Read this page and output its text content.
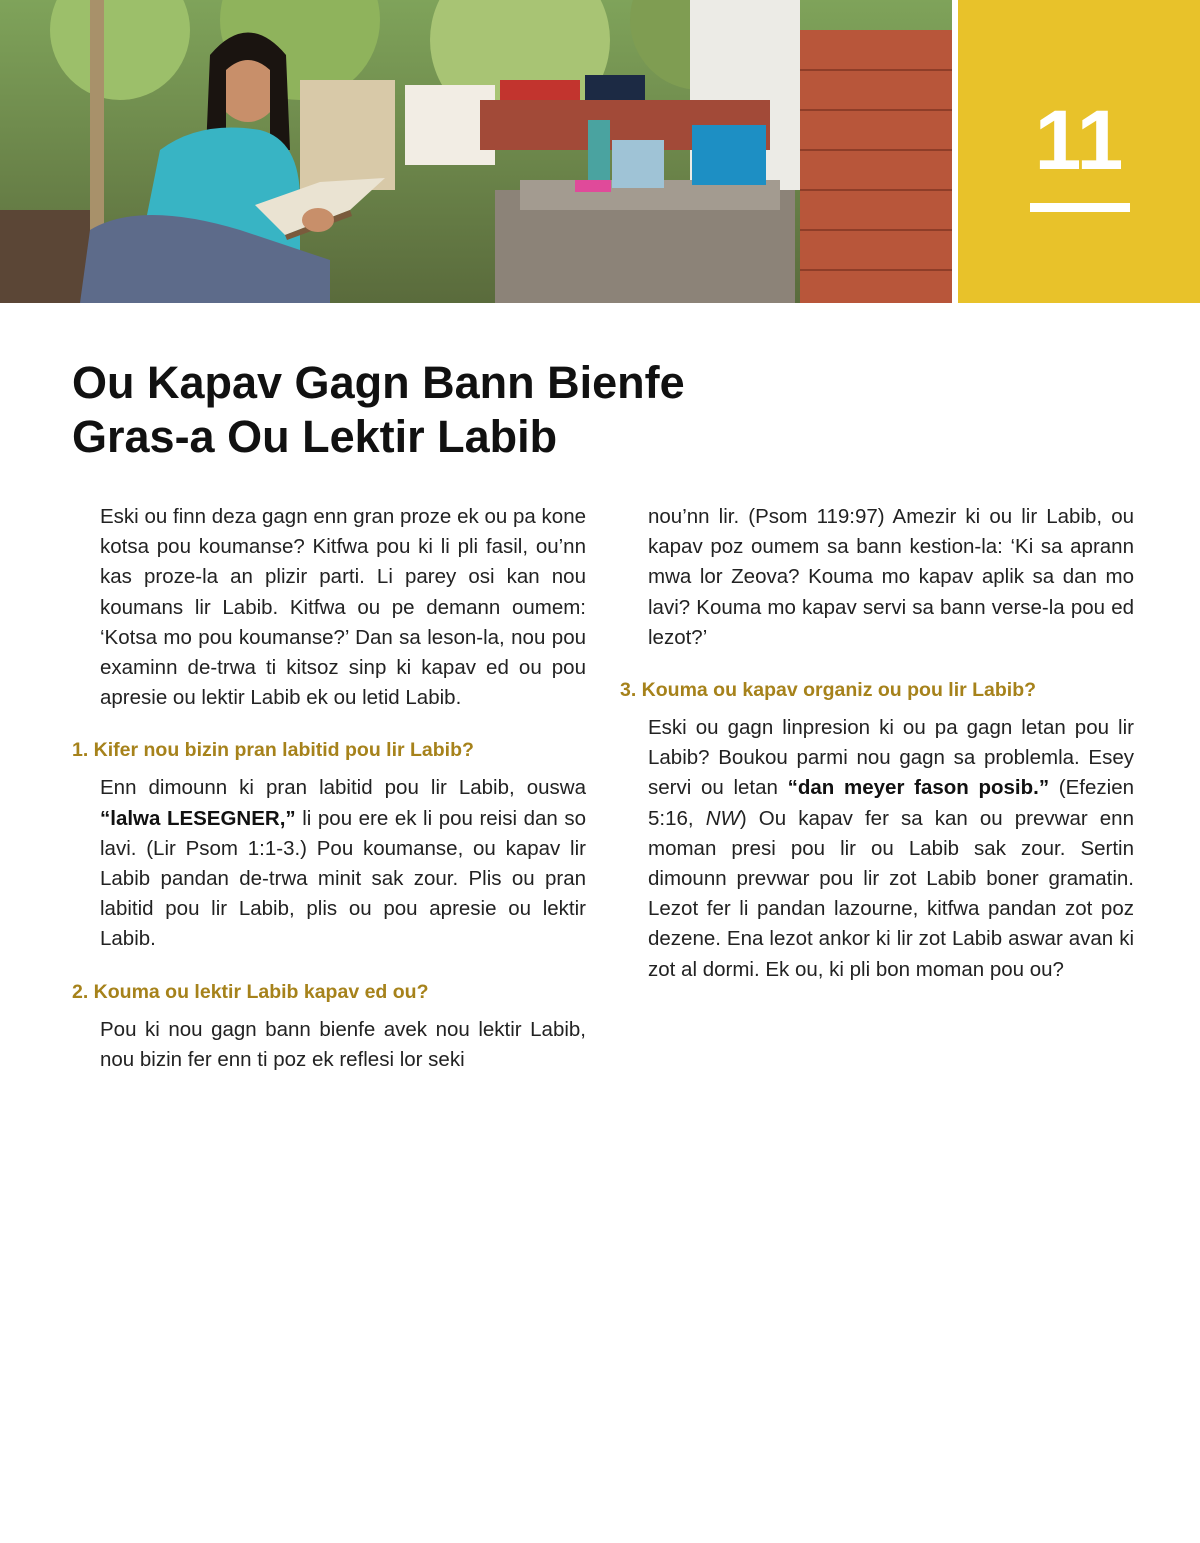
11
Ou Kapav Gagn Bann Bienfe
Gras-a Ou Lektir Labib

Eski ou finn deza gagn enn gran proze ek ou pa kone kotsa pou koumanse? Kitfwa pou ki li pli fasil, ou’nn kas proze-la an plizir parti. Li parey osi kan nou koumans lir Labib. Kitfwa ou pe demann oumem: ‘Kotsa mo pou koumanse?’ Dan sa leson-la, nou pou examinn de-trwa ti kitsoz sinp ki kapav ed ou pou apresie ou lektir Labib ek ou letid Labib.

1. Kifer nou bizin pran labitid pou lir Labib?

Enn dimounn ki pran labitid pou lir Labib, ouswa “lalwa LESEGNER,” li pou ere ek li pou reisi dan so lavi. (Lir Psom 1:1-3.) Pou koumanse, ou kapav lir Labib pandan de-trwa minit sak zour. Plis ou pran labitid pou lir Labib, plis ou pou apresie ou lektir Labib.

2. Kouma ou lektir Labib kapav ed ou?

Pou ki nou gagn bann bienfe avek nou lektir Labib, nou bizin fer enn ti poz ek reflesi lor seki

nou’nn lir. (Psom 119:97) Amezir ki ou lir Labib, ou kapav poz oumem sa bann kestion-la: ‘Ki sa aprann mwa lor Zeova? Kouma mo kapav aplik sa dan mo lavi? Kouma mo kapav servi sa bann verse-la pou ed lezot?’

3. Kouma ou kapav organiz ou pou lir Labib?

Eski ou gagn linpresion ki ou pa gagn letan pou lir Labib? Boukou parmi nou gagn sa problemla. Esey servi ou letan “dan meyer fason posib.” (Efezien 5:16, NW) Ou kapav fer sa kan ou prevwar enn moman presi pou lir ou Labib sak zour. Sertin dimounn prevwar pou lir zot Labib boner gramatin. Lezot fer li pandan lazourne, kitfwa pandan zot poz dezene. Ena lezot ankor ki lir zot Labib aswar avan ki zot al dormi. Ek ou, ki pli bon moman pou ou?
